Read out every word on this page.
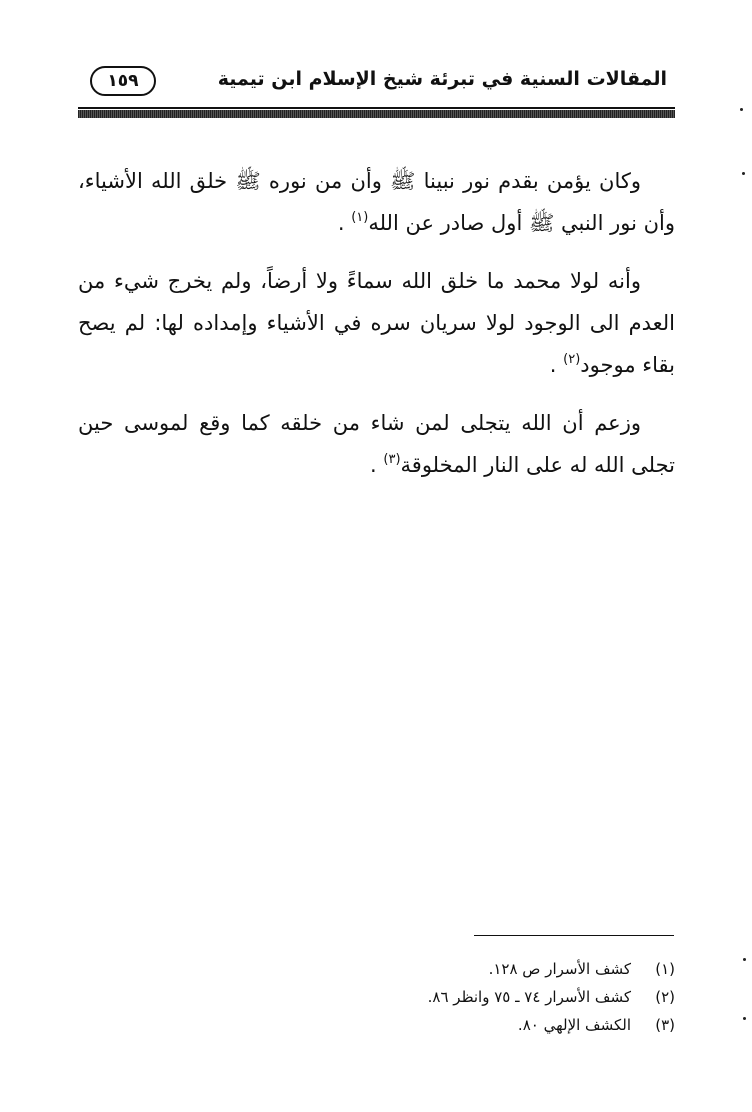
١٥٩	المقالات السنية في تبرئة شيخ الإسلام ابن تيمية

وكان يؤمن بقدم نور نبينا ﷺ وأن من نوره ﷺ خلق الله الأشياء، وأن نور النبي ﷺ أول صادر عن الله$^{(١)}$ .

وأنه لولا محمد ما خلق الله سماءً ولا أرضاً، ولم يخرج شيء من العدم الى الوجود لولا سريان سره في الأشياء وإمداده لها: لم يصح بقاء موجود$^{(٢)}$ .

وزعم أن الله يتجلى لمن شاء من خلقه كما وقع لموسى حين تجلى الله له على النار المخلوقة$^{(٣)}$ .

(١)
كشف الأسرار ص ١٢٨.
(٢)
كشف الأسرار ٧٤ ـ ٧٥ وانظر ٨٦.
(٣)
الكشف الإلهي ٨٠.
